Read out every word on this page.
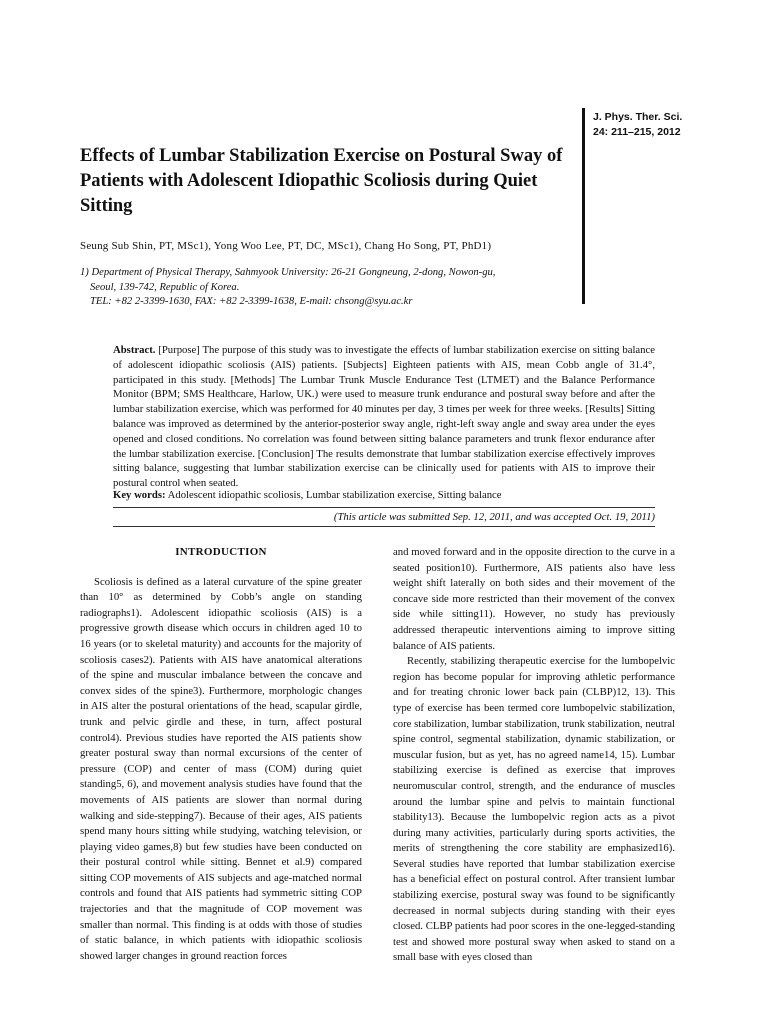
J. Phys. Ther. Sci.
24: 211–215, 2012
Effects of Lumbar Stabilization Exercise on Postural Sway of Patients with Adolescent Idiopathic Scoliosis during Quiet Sitting
Seung Sub Shin, PT, MSc1), Yong Woo Lee, PT, DC, MSc1), Chang Ho Song, PT, PhD1)
1) Department of Physical Therapy, Sahmyook University: 26-21 Gongneung, 2-dong, Nowon-gu,
Seoul, 139-742, Republic of Korea.
TEL: +82 2-3399-1630, FAX: +82 2-3399-1638, E-mail: chsong@syu.ac.kr
Abstract. [Purpose] The purpose of this study was to investigate the effects of lumbar stabilization exercise on sitting balance of adolescent idiopathic scoliosis (AIS) patients. [Subjects] Eighteen patients with AIS, mean Cobb angle of 31.4°, participated in this study. [Methods] The Lumbar Trunk Muscle Endurance Test (LTMET) and the Balance Performance Monitor (BPM; SMS Healthcare, Harlow, UK.) were used to measure trunk endurance and postural sway before and after the lumbar stabilization exercise, which was performed for 40 minutes per day, 3 times per week for three weeks. [Results] Sitting balance was improved as determined by the anterior-posterior sway angle, right-left sway angle and sway area under the eyes opened and closed conditions. No correlation was found between sitting balance parameters and trunk flexor endurance after the lumbar stabilization exercise. [Conclusion] The results demonstrate that lumbar stabilization exercise effectively improves sitting balance, suggesting that lumbar stabilization exercise can be clinically used for patients with AIS to improve their postural control when seated.
Key words: Adolescent idiopathic scoliosis, Lumbar stabilization exercise, Sitting balance
(This article was submitted Sep. 12, 2011, and was accepted Oct. 19, 2011)
INTRODUCTION

Scoliosis is defined as a lateral curvature of the spine greater than 10° as determined by Cobb’s angle on standing radiographs1). Adolescent idiopathic scoliosis (AIS) is a progressive growth disease which occurs in children aged 10 to 16 years (or to skeletal maturity) and accounts for the majority of scoliosis cases2). Patients with AIS have anatomical alterations of the spine and muscular imbalance between the concave and convex sides of the spine3). Furthermore, morphologic changes in AIS alter the postural orientations of the head, scapular girdle, trunk and pelvic girdle and these, in turn, affect postural control4). Previous studies have reported the AIS patients show greater postural sway than normal excursions of the center of pressure (COP) and center of mass (COM) during quiet standing5, 6), and movement analysis studies have found that the movements of AIS patients are slower than normal during walking and side-stepping7). Because of their ages, AIS patients spend many hours sitting while studying, watching television, or playing video games,8) but few studies have been conducted on their postural control while sitting. Bennet et al.9) compared sitting COP movements of AIS subjects and age-matched normal controls and found that AIS patients had symmetric sitting COP trajectories and that the magnitude of COP movement was smaller than normal. This finding is at odds with those of studies of static balance, in which patients with idiopathic scoliosis showed larger changes in ground reaction forces

and moved forward and in the opposite direction to the curve in a seated position10). Furthermore, AIS patients also have less weight shift laterally on both sides and their movement of the concave side more restricted than their movement of the convex side while sitting11). However, no study has previously addressed therapeutic interventions aiming to improve sitting balance of AIS patients.

Recently, stabilizing therapeutic exercise for the lumbopelvic region has become popular for improving athletic performance and for treating chronic lower back pain (CLBP)12, 13). This type of exercise has been termed core lumbopelvic stabilization, core stabilization, lumbar stabilization, trunk stabilization, neutral spine control, segmental stabilization, dynamic stabilization, or muscular fusion, but as yet, has no agreed name14, 15). Lumbar stabilizing exercise is defined as exercise that improves neuromuscular control, strength, and the endurance of muscles around the lumbar spine and pelvis to maintain functional stability13). Because the lumbopelvic region acts as a pivot during many activities, particularly during sports activities, the merits of strengthening the core stability are emphasized16). Several studies have reported that lumbar stabilization exercise has a beneficial effect on postural control. After transient lumbar stabilizing exercise, postural sway was found to be significantly decreased in normal subjects during standing with their eyes closed. CLBP patients had poor scores in the one-legged-standing test and showed more postural sway when asked to stand on a small base with eyes closed than
